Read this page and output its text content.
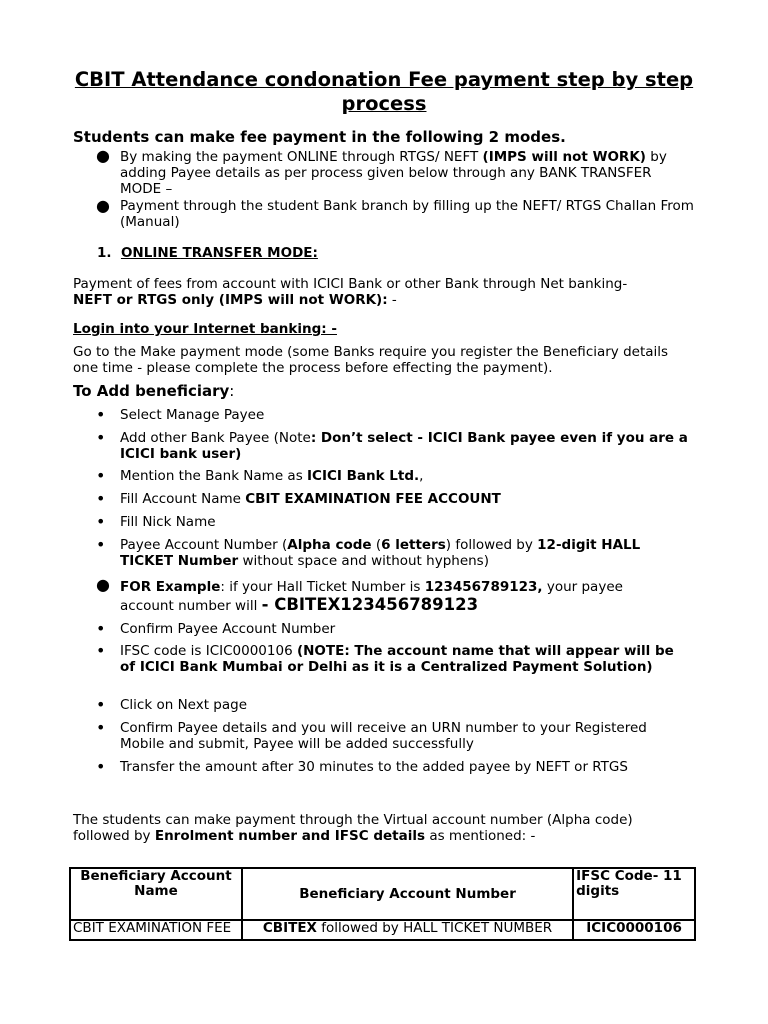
CBIT Attendance condonation Fee payment step by step process
Students can make fee payment in the following 2 modes.
● By making the payment ONLINE through RTGS/ NEFT (IMPS will not WORK) by adding Payee details as per process given below through any BANK TRANSFER MODE –
● Payment through the student Bank branch by filling up the NEFT/ RTGS Challan From (Manual)
1. ONLINE TRANSFER MODE:
Payment of fees from account with ICICI Bank or other Bank through Net banking-
NEFT or RTGS only (IMPS will not WORK): -
Login into your Internet banking: -
Go to the Make payment mode (some Banks require you register the Beneficiary details one time - please complete the process before effecting the payment).
To Add beneficiary:
• Select Manage Payee
• Add other Bank Payee (Note: Don’t select - ICICI Bank payee even if you are a ICICI bank user)
• Mention the Bank Name as ICICI Bank Ltd.,
• Fill Account Name CBIT EXAMINATION FEE ACCOUNT
• Fill Nick Name
• Payee Account Number (Alpha code (6 letters) followed by 12-digit HALL TICKET Number without space and without hyphens)
● FOR Example: if your Hall Ticket Number is 123456789123, your payee account number will - CBITEX123456789123
• Confirm Payee Account Number
• IFSC code is ICIC0000106 (NOTE: The account name that will appear will be of ICICI Bank Mumbai or Delhi as it is a Centralized Payment Solution)
• Click on Next page
• Confirm Payee details and you will receive an URN number to your Registered Mobile and submit, Payee will be added successfully
• Transfer the amount after 30 minutes to the added payee by NEFT or RTGS
The students can make payment through the Virtual account number (Alpha code) followed by Enrolment number and IFSC details as mentioned: -
Beneficiary Account Name	Beneficiary Account Number	IFSC Code- 11 digits
CBIT EXAMINATION FEE	CBITEX followed by HALL TICKET NUMBER	ICIC0000106
